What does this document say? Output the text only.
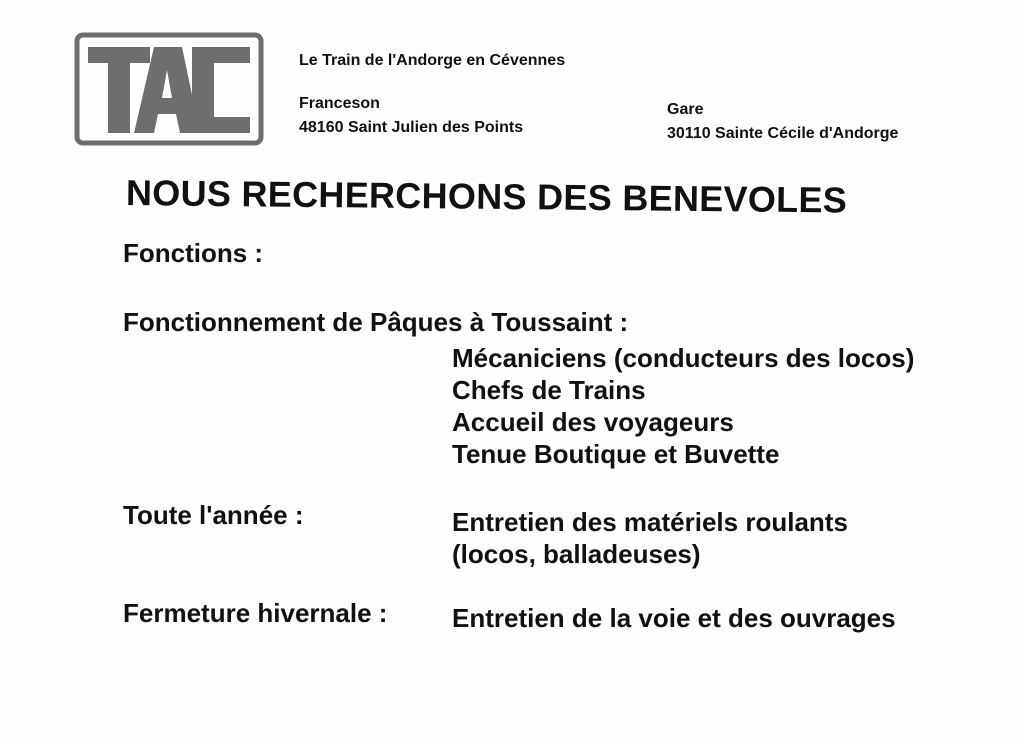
Le Train de l'Andorge en Cévennes
Franceson
48160 Saint Julien des Points
Gare
30110 Sainte Cécile d'Andorge
NOUS RECHERCHONS DES BENEVOLES
Fonctions :
Fonctionnement de Pâques à Toussaint :
Mécaniciens (conducteurs des locos)
Chefs de Trains
Accueil des voyageurs
Tenue Boutique et Buvette
Toute l'année :	Entretien des matériels roulants
(locos, balladeuses)
Fermeture hivernale : Entretien de la voie et des ouvrages
